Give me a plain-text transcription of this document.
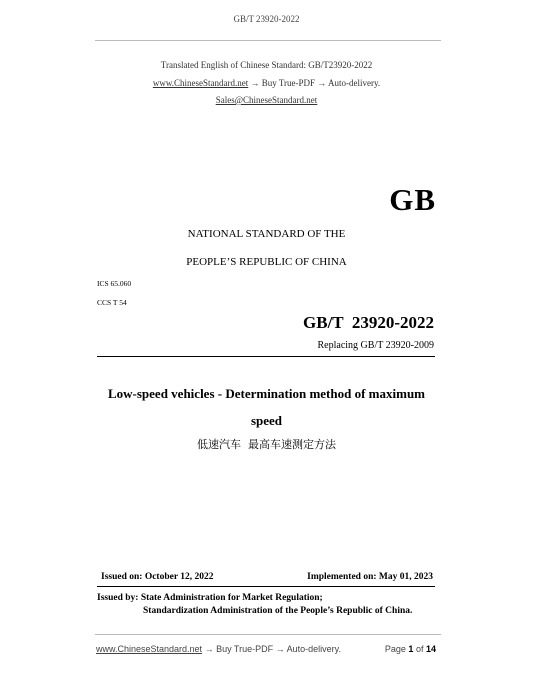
GB/T 23920-2022
Translated English of Chinese Standard: GB/T23920-2022
www.ChineseStandard.net → Buy True-PDF → Auto-delivery.
Sales@ChineseStandard.net
GB
NATIONAL STANDARD OF THE
PEOPLE’S REPUBLIC OF CHINA
ICS 65.060
CCS T 54
GB/T  23920-2022
Replacing GB/T 23920-2009
Low-speed vehicles - Determination method of maximum
speed
低速汽车  最高车速测定方法
Issued on: October 12, 2022	Implemented on: May 01, 2023
Issued by: State Administration for Market Regulation;
Standardization Administration of the People’s Republic of China.
www.ChineseStandard.net → Buy True-PDF → Auto-delivery.	Page 1 of 14
